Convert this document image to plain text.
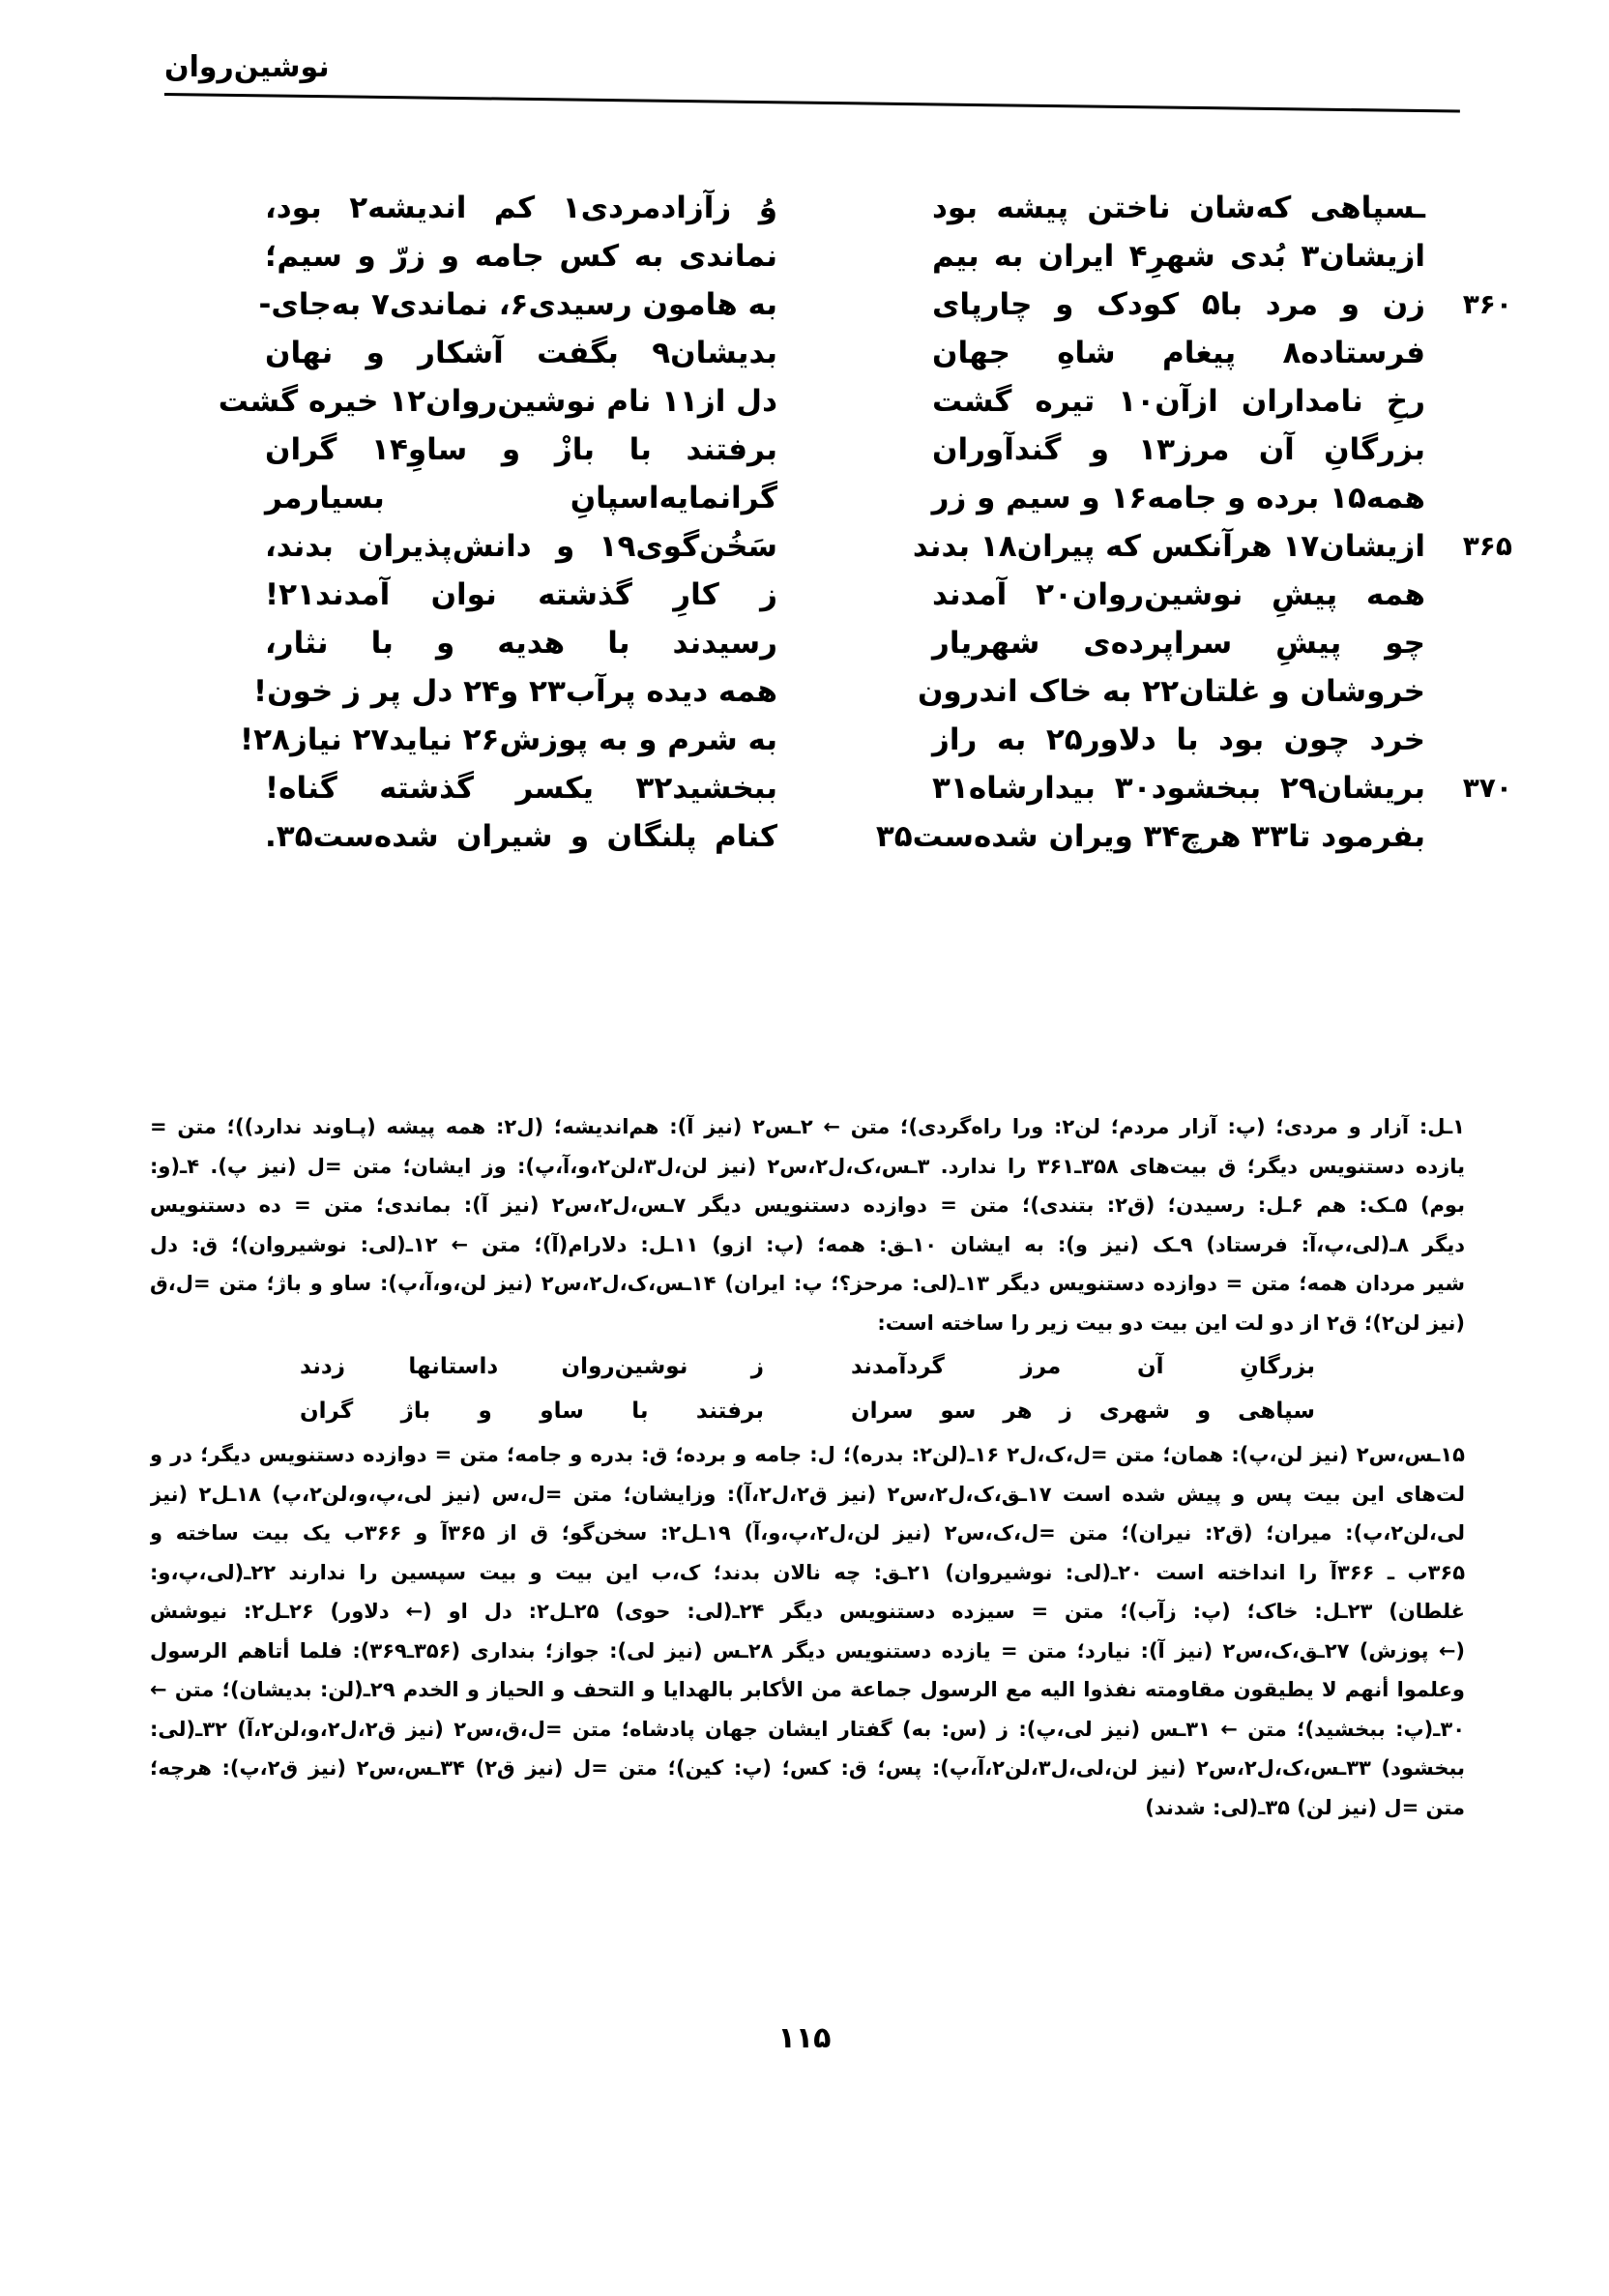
نوشین‌روان
ـسپاهی که‌شان ناختن پیشه بود
ازیشان۳ بُدی شهرِ۴ ایران به بیم
۳۶۰
زن و مرد با۵ کودک و چارپای
فرستاده۸ پیغام شاهِ جهان
رخِ نامداران ازآن۱۰ تیره گشت
بزرگانِ آن مرز۱۳ و گندآوران
همه۱۵ برده و جامه۱۶ و سیم و زر
۳۶۵
ازیشان۱۷ هرآنکس که پیران۱۸ بدند
همه پیشِ نوشین‌روان۲۰ آمدند
چو پیشِ سراپرده‌ی شهریار
خروشان و غلتان۲۲ به خاک اندرون
خرد چون بود با دلاور۲۵ به راز
۳۷۰
بریشان۲۹ ببخشود۳۰ بیدارشاه۳۱
بفرمود تا۳۳ هرچ۳۴ ویران شده‌ست۳۵
وُ زآزادمردی۱ کم اندیشه۲ بود،
نماندی به کس جامه و زرّ و سیم؛
به هامون رسیدی۶، نماندی۷ به‌جای-
بدیشان۹ بگفت آشکار و نهان
دل از۱۱ نام نوشین‌روان۱۲ خیره گشت
برفتند با بازْ و ساوِ۱۴ گران
گرانمایه‌اسپانِ بسیارمر
سَخُن‌گوی۱۹ و دانش‌پذیران بدند،
ز کارِ گذشته نوان آمدند۲۱!
رسیدند با هدیه و با نثار،
همه دیده پرآب۲۳ و۲۴ دل پر ز خون!
به شرم و به پوزش۲۶ نیاید۲۷ نیاز۲۸!
ببخشید۳۲ یکسر گذشته گناه!
کنام پلنگان و شیران شده‌ست۳۵.
۱ـل: آزار و مردی؛ (پ: آزار مردم؛ لن۲: ورا راه‌گردی)؛ متن ← ۲ـس۲ (نیز آ): هم‌اندیشه؛ (ل۲: همه پیشه (پـاوند ندارد))؛ متن =
یازده دستنویس دیگر؛ ق بیت‌های ۳۵۸ـ۳۶۱ را ندارد. ۳ـس،ک،ل۲،س۲ (نیز لن،ل۳،لن۲،و،آ،پ): وز ایشان؛ متن =ل (نیز پ). ۴ـ(و:
بوم) ۵ـک: هم ۶ـل: رسیدن؛ (ق۲: بتندی)؛ متن = دوازده دستنویس دیگر ۷ـس،ل۲،س۲ (نیز آ): بماندی؛ متن = ده دستنویس
دیگر ۸ـ(لی،پ،آ: فرستاد) ۹ـک (نیز و): به ایشان ۱۰ـق: همه؛ (پ: ازو) ۱۱ـل: دلارام(آ)؛ متن ← ۱۲ـ(لی: نوشیروان)؛ ق: دل
شیر مردان همه؛ متن = دوازده دستنویس دیگر ۱۳ـ(لی: مرحز؟؛ پ: ایران) ۱۴ـس،ک،ل۲،س۲ (نیز لن،و،آ،پ): ساو و باژ؛ متن =ل،ق
(نیز لن۲)؛ ق۲ از دو لت این بیت دو بیت زیر را ساخته است:
بزرگانِ آن مرز گردآمدند
ز نوشین‌روان داستانها زدند
سپاهی و شهری ز هر سو سران
برفتند با ساو و باژ گران
۱۵ـس،س۲ (نیز لن،پ): همان؛ متن =ل،ک،ل۲ ۱۶ـ(لن۲: بدره)؛ ل: جامه و برده؛ ق: بدره و جامه؛ متن = دوازده دستنویس دیگر؛ در و
لت‌های این بیت پس و پیش شده است ۱۷ـق،ک،ل۲،س۲ (نیز ق۲،ل۲،آ): وزایشان؛ متن =ل،س (نیز لی،پ،و،لن۲،پ) ۱۸ـل۲ (نیز
لی،لن۲،پ): میران؛ (ق۲: نیران)؛ متن =ل،ک،س۲ (نیز لن،ل۲،پ،و،آ) ۱۹ـل۲: سخن‌گو؛ ق از ۳۶۵آ و ۳۶۶ب یک بیت ساخته و
۳۶۵ب ـ ۳۶۶آ را انداخته است ۲۰ـ(لی: نوشیروان) ۲۱ـق: چه نالان بدند؛ ک،ب این بیت و بیت سپسین را ندارند ۲۲ـ(لی،پ،و:
غلطان) ۲۳ـل: خاک؛ (پ: زآب)؛ متن = سیزده دستنویس دیگر ۲۴ـ(لی: حوی) ۲۵ـل۲: دل او (← دلاور) ۲۶ـل۲: نیوشش
(← پوزش) ۲۷ـق،ک،س۲ (نیز آ): نیارد؛ متن = یازده دستنویس دیگر ۲۸ـس (نیز لی): جواز؛ بنداری (۳۵۶ـ۳۶۹): فلما أتاهم الرسول
وعلموا أنهم لا یطیقون مقاومته نفذوا الیه مع الرسول جماعة من الأکابر بالهدایا و التحف و الحیاز و الخدم ۲۹ـ(لن: بدیشان)؛ متن ←
۳۰ـ(پ: ببخشید)؛ متن ← ۳۱ـس (نیز لی،پ): ز (س: به) گفتار ایشان جهان پادشاه؛ متن =ل،ق،س۲ (نیز ق۲،ل۲،و،لن۲،آ) ۳۲ـ(لی:
ببخشود) ۳۳ـس،ک،ل۲،س۲ (نیز لن،لی،ل۳،لن۲،آ،پ): پس؛ ق: کس؛ (پ: کین)؛ متن =ل (نیز ق۲) ۳۴ـس،س۲ (نیز ق۲،پ): هرچه؛
متن =ل (نیز لن) ۳۵ـ(لی: شدند)
۱۱۵
